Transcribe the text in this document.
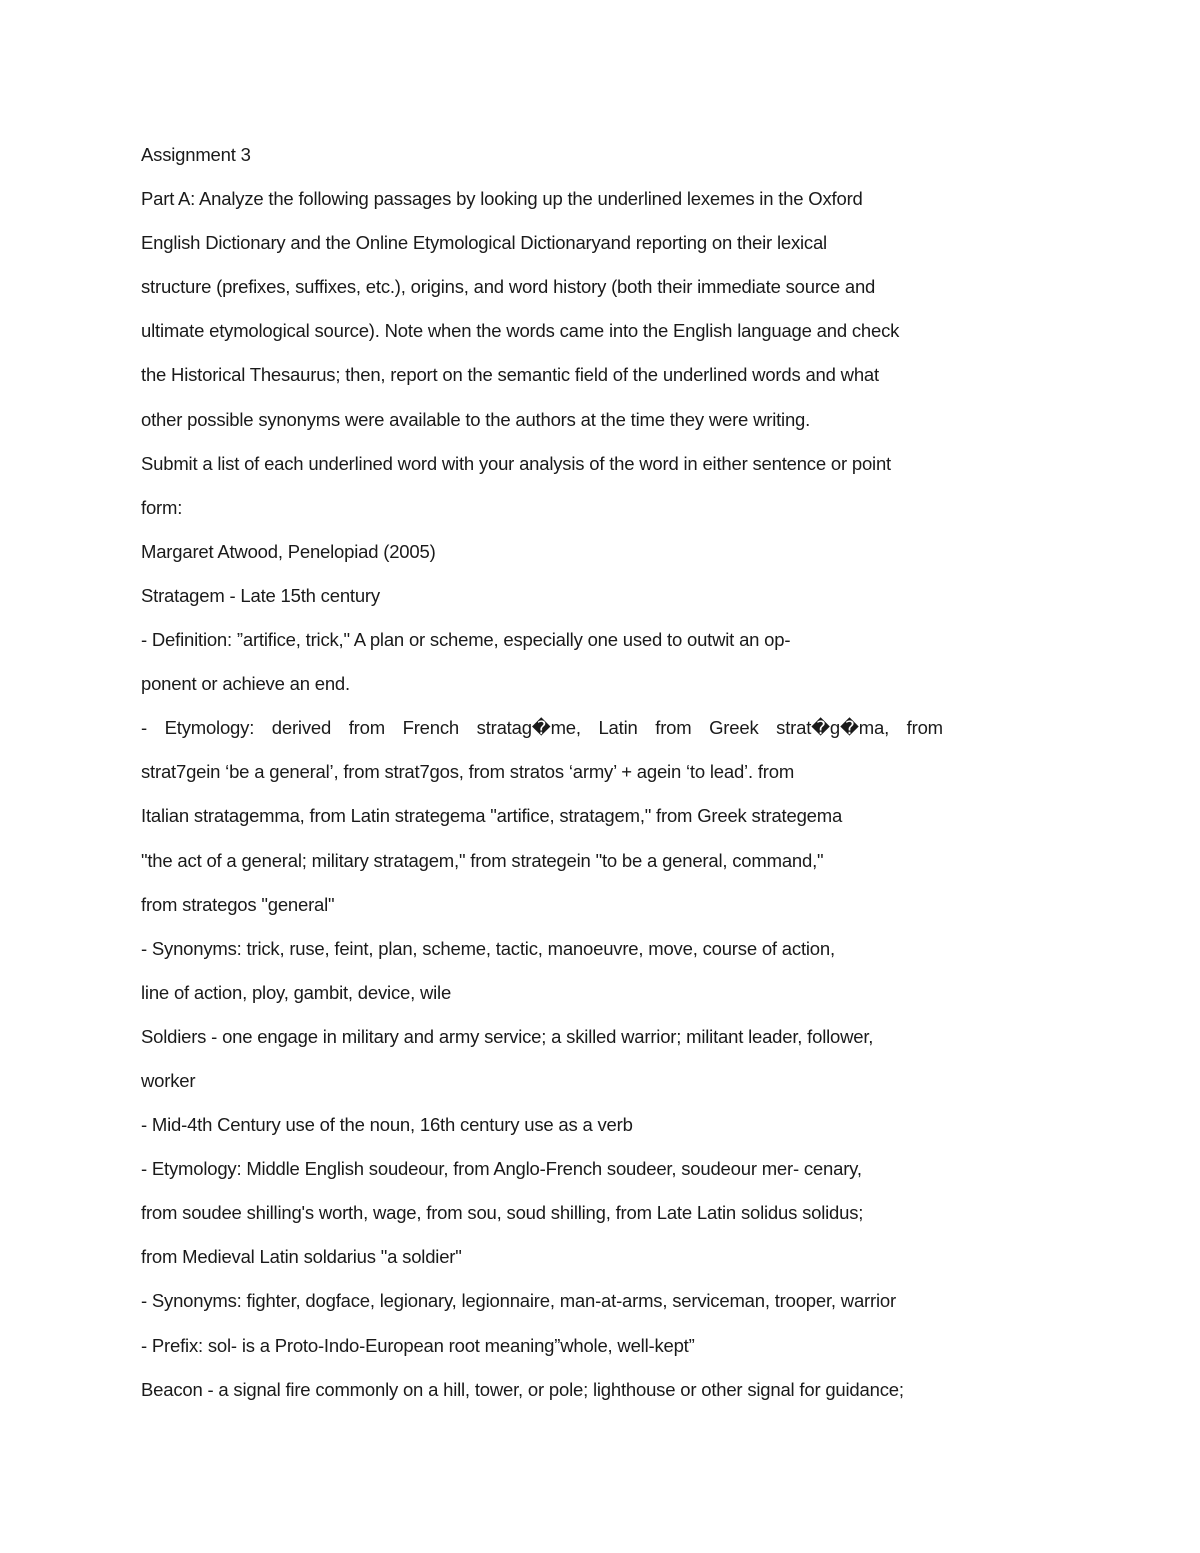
Assignment 3
Part A: Analyze the following passages by looking up the underlined lexemes in the Oxford
English Dictionary and the Online Etymological Dictionaryand reporting on their lexical
structure (prefixes, suffixes, etc.), origins, and word history (both their immediate source and
ultimate etymological source). Note when the words came into the English language and check
the Historical Thesaurus; then, report on the semantic field of the underlined words and what
other possible synonyms were available to the authors at the time they were writing.
Submit a list of each underlined word with your analysis of the word in either sentence or point
form:
Margaret Atwood, Penelopiad (2005)
Stratagem - Late 15th century
- Definition: ”artifice, trick," A plan or scheme, especially one used to outwit an op-
ponent or achieve an end.
- Etymology: derived from French stratag�me, Latin from Greek strat�g�ma, from
strat7gein ‘be a general’, from strat7gos, from stratos ‘army’ + agein ‘to lead’. from
Italian stratagemma, from Latin strategema "artifice, stratagem," from Greek strategema
"the act of a general; military stratagem," from strategein "to be a general, command,"
from strategos "general"
- Synonyms: trick, ruse, feint, plan, scheme, tactic, manoeuvre, move, course of action,
line of action, ploy, gambit, device, wile
Soldiers - one engage in military and army service; a skilled warrior; militant leader, follower,
worker
- Mid-4th Century use of the noun, 16th century use as a verb
- Etymology: Middle English soudeour, from Anglo-French soudeer, soudeour mer- cenary,
from soudee shilling's worth, wage, from sou, soud shilling, from Late Latin solidus solidus;
from Medieval Latin soldarius "a soldier"
- Synonyms: fighter, dogface, legionary, legionnaire, man-at-arms, serviceman, trooper, warrior
- Prefix: sol- is a Proto-Indo-European root meaning”whole, well-kept”
Beacon - a signal fire commonly on a hill, tower, or pole; lighthouse or other signal for guidance;
